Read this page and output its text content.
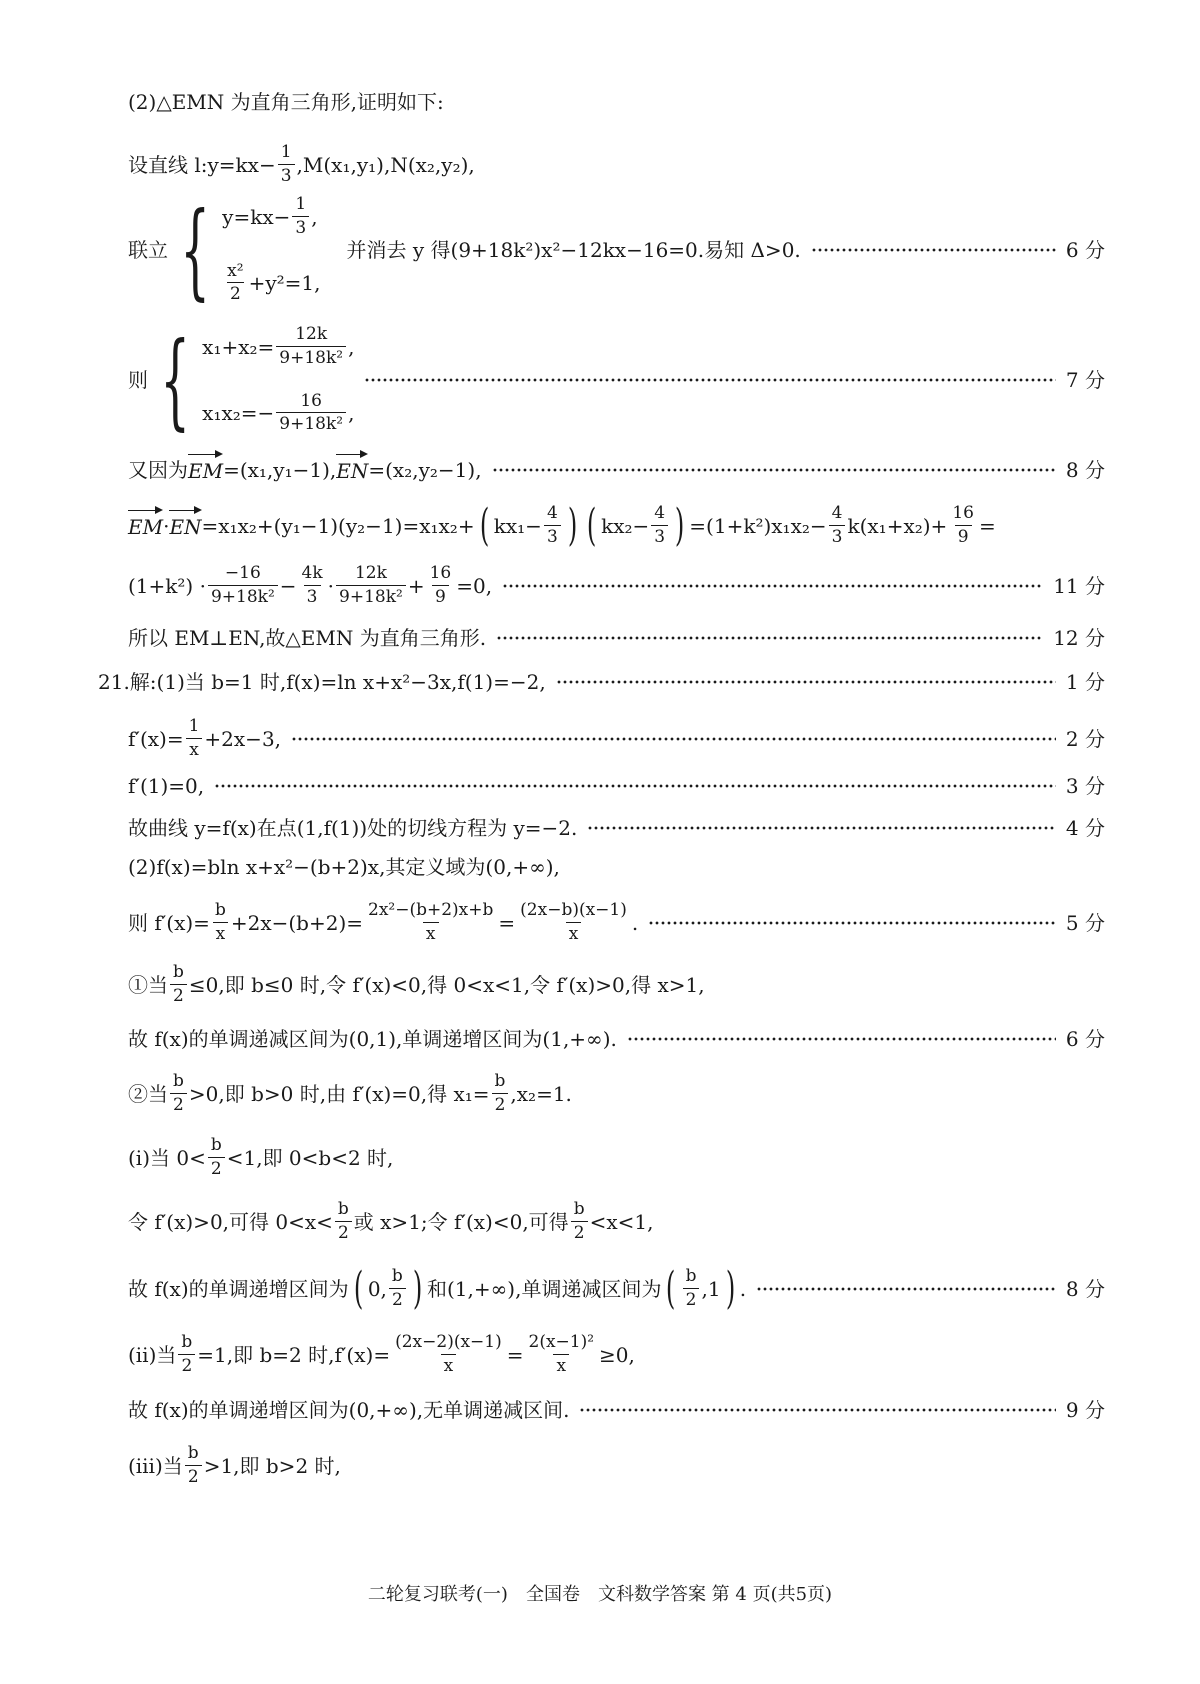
(2)△EMN 为直角三角形,证明如下:
设直线 l:y=kx− $\frac{1}{3} ,M(x_1,y_1),N(x_2,y_2)$,
联立 { $y=kx- \frac{1}{3}$ ,
$\frac{\text{x²}}{2} +y^2=1$,
并消去 y 得(9+18k²)x²−12kx−16=0.易知 Δ>0.	6 分
则 { $x_1+x_2= \frac{12k}{\text{9+18k²}}$ ,
$x_1x_2=- \frac{16}{\text{9+18k²}}$ ,
7 分
又因为 EM =(x₁,y₁−1), EN =(x₂,y₂−1),	8 分
EM · EN =x₁x₂+(y₁−1)(y₂−1)=x₁x₂+ ( $kx_1- \frac{4}{3}$ ) ( $kx_2- \frac{4}{3}$ ) $=(1+k^2)x_1x_2- \frac{4}{3} k(x_1+x_2)+ \frac{16}{9}$ =
$(1+k^2) \cdot \frac{-16}{\text{9+18k²}} - \frac{4k}{3} \cdot \frac{12k}{\text{9+18k²}} + \frac{16}{9} =0$,	11 分
所以 EM⊥EN,故△EMN 为直角三角形.	12 分
21.解:(1)当 b=1 时,f(x)=ln x+x²−3x,f(1)=−2,	1 分
$f'(x)= \frac{1}{x} +2x-3$,	2 分
f′(1)=0,	3 分
故曲线 y=f(x)在点(1,f(1))处的切线方程为 y=−2.	4 分
(2)f(x)=bln x+x²−(b+2)x,其定义域为(0,+∞),
则 $f'(x)= \frac{b}{x} +2x-(b+2)= \frac{\text{2x²−(b+2)x+b}}{x} = \frac{(2x-b)(x-1)}{x}$ .	5 分
①当 $\frac{b}{2} \le 0$,即 b≤0 时,令 f′(x)<0,得 0<x<1,令 f′(x)>0,得 x>1,
故 f(x)的单调递减区间为(0,1),单调递增区间为(1,+∞).	6 分
②当 $\frac{b}{2} >0$,即 b>0 时,由 f′(x)=0,得 $x_1= \frac{b}{2} ,x_2=1$.
(ⅰ)当 $0< \frac{b}{2} <1$,即 0<b<2 时,
令 f′(x)>0,可得 $0<x< \frac{b}{2}$ 或 x>1;令 f′(x)<0,可得 $\frac{b}{2} <x<1$,
故 f(x)的单调递增区间为 ( 0, $\frac{b}{2}$ ) 和(1,+∞),单调递减区间为 ( $\frac{b}{2} ,1$ ) .	8 分
(ⅱ)当 $\frac{b}{2} =1$,即 b=2 时$,f'(x)= \frac{(2x-2)(x-1)}{x} = \frac{\text{2(x−1)²}}{x} \ge 0$,
故 f(x)的单调递增区间为(0,+∞),无单调递减区间.	9 分
(ⅲ)当 $\frac{b}{2} >1$,即 b>2 时,
二轮复习联考(一)　全国卷　文科数学答案 第 4 页(共5页)
